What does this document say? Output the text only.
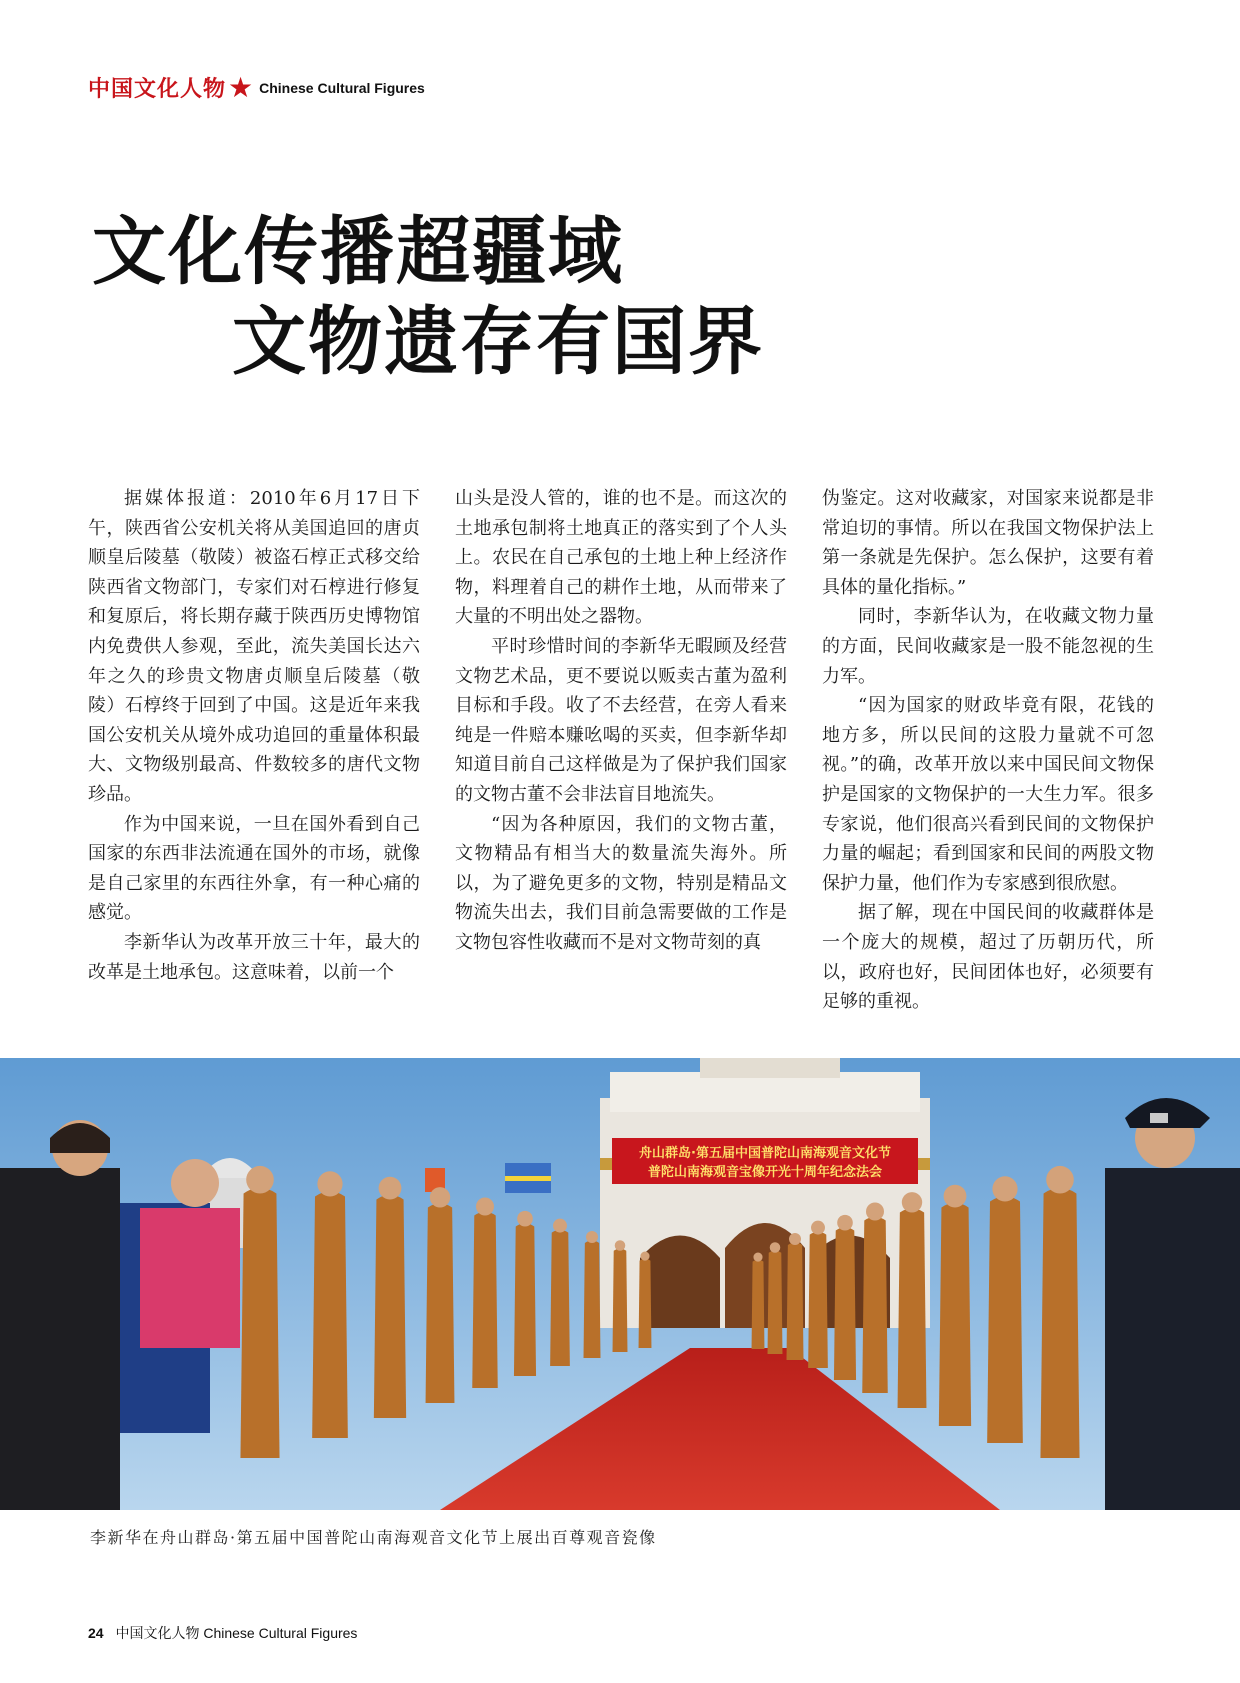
中国文化人物 ★ Chinese Cultural Figures
文化传播超疆域
文物遗存有国界

据媒体报道：2010年6月17日下午，陕西省公安机关将从美国追回的唐贞顺皇后陵墓（敬陵）被盗石椁正式移交给陕西省文物部门，专家们对石椁进行修复和复原后，将长期存藏于陕西历史博物馆内免费供人参观，至此，流失美国长达六年之久的珍贵文物唐贞顺皇后陵墓（敬陵）石椁终于回到了中国。这是近年来我国公安机关从境外成功追回的重量体积最大、文物级别最高、件数较多的唐代文物珍品。

作为中国来说，一旦在国外看到自己国家的东西非法流通在国外的市场，就像是自己家里的东西往外拿，有一种心痛的感觉。

李新华认为改革开放三十年，最大的改革是土地承包。这意味着，以前一个

山头是没人管的，谁的也不是。而这次的土地承包制将土地真正的落实到了个人头上。农民在自己承包的土地上种上经济作物，料理着自己的耕作土地，从而带来了大量的不明出处之器物。

平时珍惜时间的李新华无暇顾及经营文物艺术品，更不要说以贩卖古董为盈利目标和手段。收了不去经营，在旁人看来纯是一件赔本赚吆喝的买卖，但李新华却知道目前自己这样做是为了保护我们国家的文物古董不会非法盲目地流失。

“因为各种原因，我们的文物古董，文物精品有相当大的数量流失海外。所以，为了避免更多的文物，特别是精品文物流失出去，我们目前急需要做的工作是文物包容性收藏而不是对文物苛刻的真

伪鉴定。这对收藏家，对国家来说都是非常迫切的事情。所以在我国文物保护法上第一条就是先保护。怎么保护，这要有着具体的量化指标。”

同时，李新华认为，在收藏文物力量的方面，民间收藏家是一股不能忽视的生力军。

“因为国家的财政毕竟有限，花钱的地方多，所以民间的这股力量就不可忽视。”的确，改革开放以来中国民间文物保护是国家的文物保护的一大生力军。很多专家说，他们很高兴看到民间的文物保护力量的崛起；看到国家和民间的两股文物保护力量，他们作为专家感到很欣慰。

据了解，现在中国民间的收藏群体是一个庞大的规模，超过了历朝历代，所以，政府也好，民间团体也好，必须要有足够的重视。

舟山群岛·第五届中国普陀山南海观音文化节
普陀山南海观音宝像开光十周年纪念法会
李新华在舟山群岛·第五届中国普陀山南海观音文化节上展出百尊观音瓷像
24 中国文化人物 Chinese Cultural Figures
